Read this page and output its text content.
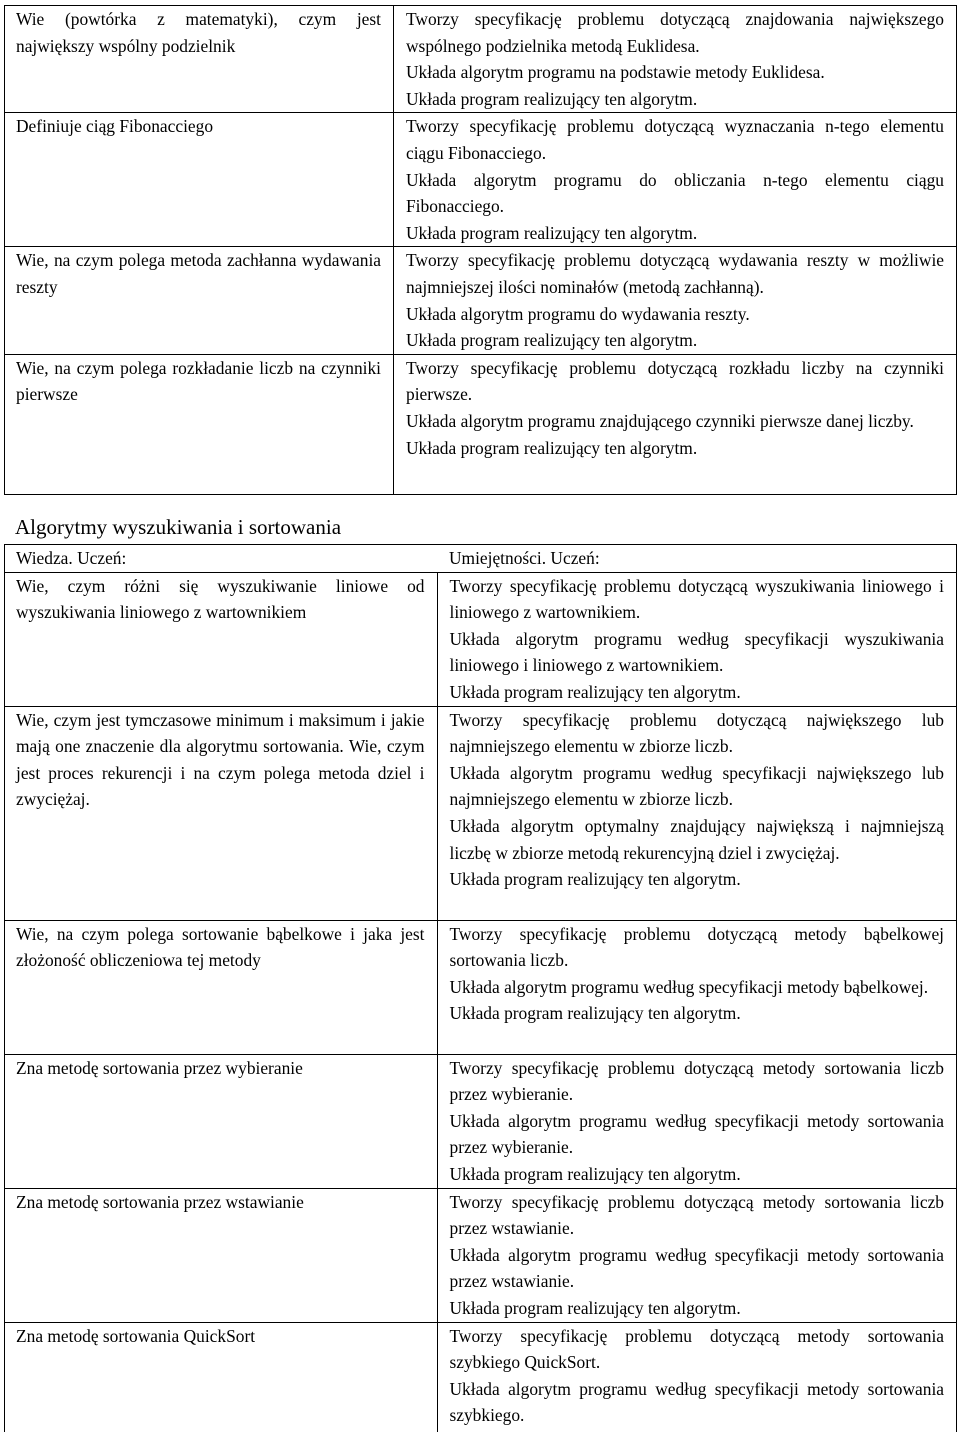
Wie (powtórka z matematyki), czym jest największy wspólny podzielnik	Tworzy specyfikację problemu dotyczącą znajdowania największego wspólnego podzielnika metodą Euklidesa.

Układa algorytm programu na podstawie metody Euklidesa.

Układa program realizujący ten algorytm.

Definiuje ciąg Fibonacciego	Tworzy specyfikację problemu dotyczącą wyznaczania n-tego elementu ciągu Fibonacciego.

Układa algorytm programu do obliczania n-tego elementu ciągu Fibonacciego.

Układa program realizujący ten algorytm.

Wie, na czym polega metoda zachłanna wydawania reszty	Tworzy specyfikację problemu dotyczącą wydawania reszty w możliwie najmniejszej ilości nominałów (metodą zachłanną).

Układa algorytm programu do wydawania reszty.

Układa program realizujący ten algorytm.

Wie, na czym polega rozkładanie liczb na czynniki pierwsze	Tworzy specyfikację problemu dotyczącą rozkładu liczby na czynniki pierwsze.

Układa algorytm programu znajdującego czynniki pierwsze danej liczby.

Układa program realizujący ten algorytm.

Algorytmy wyszukiwania i sortowania
Wiedza. Uczeń:	Umiejętności. Uczeń:

Wie, czym różni się wyszukiwanie liniowe od wyszukiwania liniowego z wartownikiem	Tworzy specyfikację problemu dotyczącą wyszukiwania liniowego i liniowego z wartownikiem.

Układa algorytm programu według specyfikacji wyszukiwania liniowego i liniowego z wartownikiem.

Układa program realizujący ten algorytm.

Wie, czym jest tymczasowe minimum i maksimum i jakie mają one znaczenie dla algorytmu sortowania. Wie, czym jest proces rekurencji i na czym polega metoda dziel i zwyciężaj.	Tworzy specyfikację problemu dotyczącą największego lub najmniejszego elementu w zbiorze liczb.

Układa algorytm programu według specyfikacji największego lub najmniejszego elementu w zbiorze liczb.

Układa algorytm optymalny znajdujący największą i najmniejszą liczbę w zbiorze metodą rekurencyjną dziel i zwyciężaj.

Układa program realizujący ten algorytm.

Wie, na czym polega sortowanie bąbelkowe i jaka jest złożoność obliczeniowa tej metody	Tworzy specyfikację problemu dotyczącą metody bąbelkowej sortowania liczb.

Układa algorytm programu według specyfikacji metody bąbelkowej.

Układa program realizujący ten algorytm.

Zna metodę sortowania przez wybieranie	Tworzy specyfikację problemu dotyczącą metody sortowania liczb przez wybieranie.

Układa algorytm programu według specyfikacji metody sortowania przez wybieranie.

Układa program realizujący ten algorytm.

Zna metodę sortowania przez wstawianie	Tworzy specyfikację problemu dotyczącą metody sortowania liczb przez wstawianie.

Układa algorytm programu według specyfikacji metody sortowania przez wstawianie.

Układa program realizujący ten algorytm.

Zna metodę sortowania QuickSort	Tworzy specyfikację problemu dotyczącą metody sortowania szybkiego QuickSort.

Układa algorytm programu według specyfikacji metody sortowania szybkiego.
